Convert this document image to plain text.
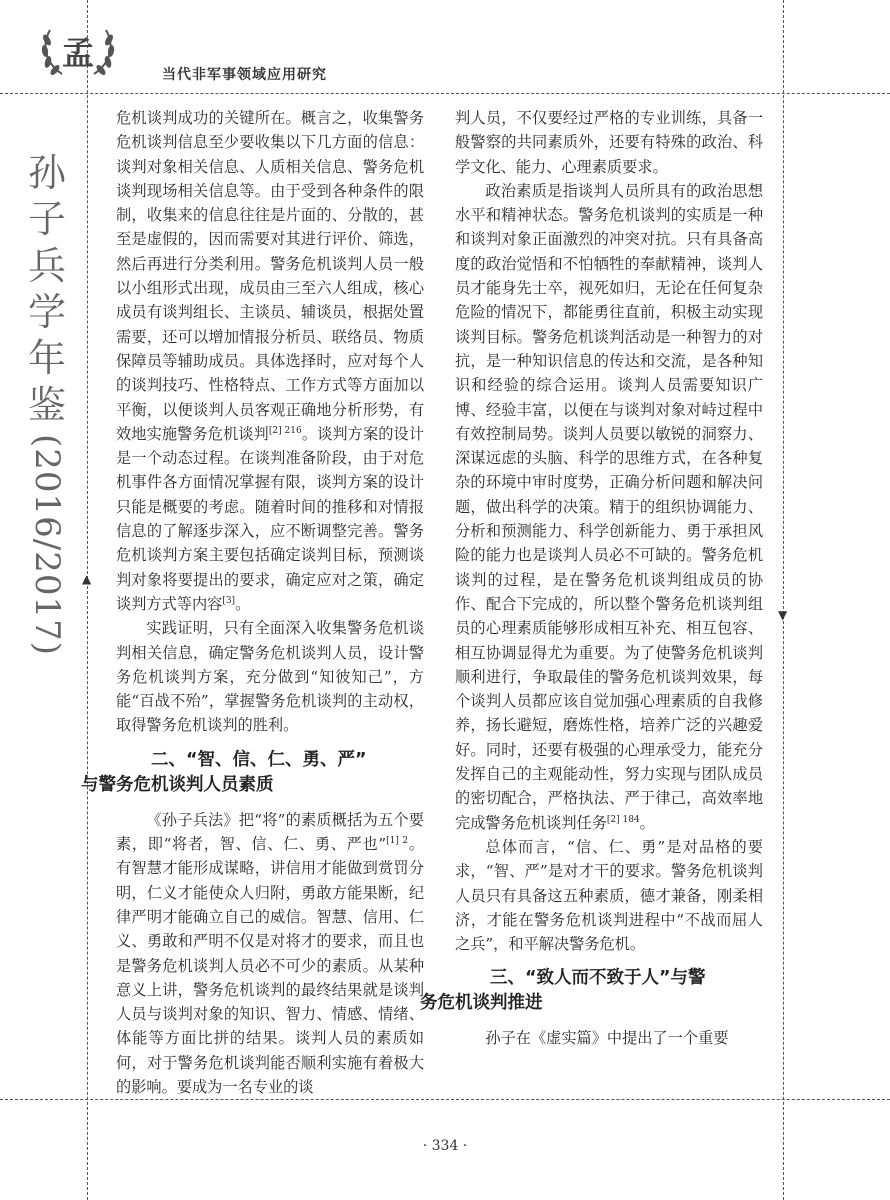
孟
当代非军事领域应用研究
孙
子
兵
学
年
鉴
(2016/2017)	▲
▼

危机谈判成功的关键所在。概言之，收集警务危机谈判信息至少要收集以下几方面的信息：谈判对象相关信息、人质相关信息、警务危机谈判现场相关信息等。由于受到各种条件的限制，收集来的信息往往是片面的、分散的，甚至是虚假的，因而需要对其进行评价、筛选，然后再进行分类利用。警务危机谈判人员一般以小组形式出现，成员由三至六人组成，核心成员有谈判组长、主谈员、辅谈员，根据处置需要，还可以增加情报分析员、联络员、物质保障员等辅助成员。具体选择时，应对每个人的谈判技巧、性格特点、工作方式等方面加以平衡，以便谈判人员客观正确地分析形势，有效地实施警务危机谈判$^{[2] 216}$。谈判方案的设计是一个动态过程。在谈判准备阶段，由于对危机事件各方面情况掌握有限，谈判方案的设计只能是概要的考虑。随着时间的推移和对情报信息的了解逐步深入，应不断调整完善。警务危机谈判方案主要包括确定谈判目标，预测谈判对象将要提出的要求，确定应对之策，确定谈判方式等内容[3]。

实践证明，只有全面深入收集警务危机谈判相关信息，确定警务危机谈判人员，设计警务危机谈判方案，充分做到“知彼知己”，方能“百战不殆”，掌握警务危机谈判的主动权，取得警务危机谈判的胜利。

二、“智、信、仁、勇、严”
与警务危机谈判人员素质

《孙子兵法》把“将”的素质概括为五个要素，即“将者，智、信、仁、勇、严也”$^{[1] 2}$。有智慧才能形成谋略，讲信用才能做到赏罚分明，仁义才能使众人归附，勇敢方能果断，纪律严明才能确立自己的威信。智慧、信用、仁义、勇敢和严明不仅是对将才的要求，而且也是警务危机谈判人员必不可少的素质。从某种意义上讲，警务危机谈判的最终结果就是谈判人员与谈判对象的知识、智力、情感、情绪、体能等方面比拼的结果。谈判人员的素质如何，对于警务危机谈判能否顺利实施有着极大的影响。要成为一名专业的谈

判人员，不仅要经过严格的专业训练，具备一般警察的共同素质外，还要有特殊的政治、科学文化、能力、心理素质要求。

政治素质是指谈判人员所具有的政治思想水平和精神状态。警务危机谈判的实质是一种和谈判对象正面激烈的冲突对抗。只有具备高度的政治觉悟和不怕牺牲的奉献精神，谈判人员才能身先士卒，视死如归，无论在任何复杂危险的情况下，都能勇往直前，积极主动实现谈判目标。警务危机谈判活动是一种智力的对抗，是一种知识信息的传达和交流，是各种知识和经验的综合运用。谈判人员需要知识广博、经验丰富，以便在与谈判对象对峙过程中有效控制局势。谈判人员要以敏锐的洞察力、深谋远虑的头脑、科学的思维方式，在各种复杂的环境中审时度势，正确分析问题和解决问题，做出科学的决策。精于的组织协调能力、分析和预测能力、科学创新能力、勇于承担风险的能力也是谈判人员必不可缺的。警务危机谈判的过程，是在警务危机谈判组成员的协作、配合下完成的，所以整个警务危机谈判组员的心理素质能够形成相互补充、相互包容、相互协调显得尤为重要。为了使警务危机谈判顺利进行，争取最佳的警务危机谈判效果，每个谈判人员都应该自觉加强心理素质的自我修养，扬长避短，磨炼性格，培养广泛的兴趣爱好。同时，还要有极强的心理承受力，能充分发挥自己的主观能动性，努力实现与团队成员的密切配合，严格执法、严于律己，高效率地完成警务危机谈判任务$^{[2] 184}$。

总体而言，“信、仁、勇”是对品格的要求，“智、严”是对才干的要求。警务危机谈判人员只有具备这五种素质，德才兼备，刚柔相济，才能在警务危机谈判进程中“不战而屈人之兵”，和平解决警务危机。

三、“致人而不致于人”与警
务危机谈判推进

孙子在《虚实篇》中提出了一个重要

· 334 ·
